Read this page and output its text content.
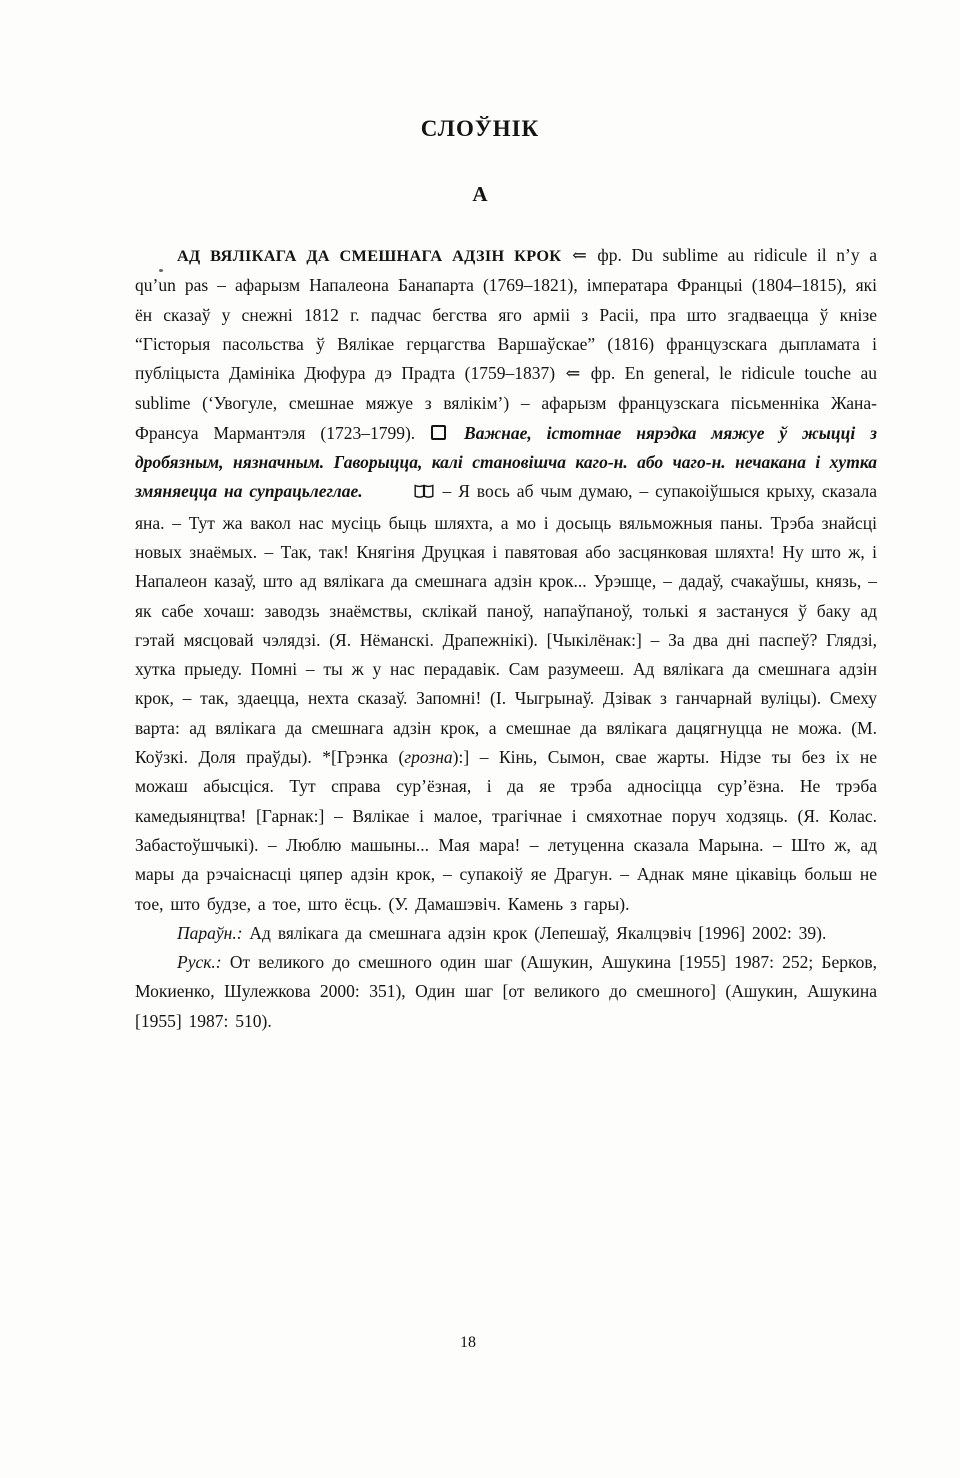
СЛОЎНІК
А

АД ВЯЛІКАГА ДА СМЕШНАГА АДЗІН КРОК ⇐ фр. Du sublime au ridicule il n’y a qu’un pas – афарызм Напалеона Банапарта (1769–1821), імператара Францыі (1804–1815), які ён сказаў у снежні 1812 г. падчас бегства яго арміі з Расіі, пра што згадваецца ў кнізе “Гісторыя пасольства ў Вялікае герцагства Варшаўскае” (1816) французскага дыпламата і публіцыста Дамініка Дюфура дэ Прадта (1759–1837) ⇐ фр. En general, le ridicule touche au sublime (‘Увогуле, смешнае мяжуе з вялікім’) – афарызм французскага пісьменніка Жана-Франсуа Мармантэля (1723–1799).	Важнае, істотнае нярэдка мяжуе ў жыцці з дробязным, нязначным. Гаворыцца, калі становішча каго-н. або чаго-н. нечакана і хутка змяняецца на супрацьлеглае.	– Я вось аб чым думаю, – супакоіўшыся крыху, сказала яна. – Тут жа вакол нас мусіць быць шляхта, а мо і досыць вяльможныя паны. Трэба знайсці новых знаёмых. – Так, так! Княгіня Друцкая і павятовая або засцянковая шляхта! Ну што ж, і Напалеон казаў, што ад вялікага да смешнага адзін крок... Урэшце, – дадаў, счакаўшы, князь, – як сабе хочаш: заводзь знаёмствы, склікай паноў, напаўпаноў, толькі я застануся ў баку ад гэтай мясцовай чэлядзі. (Я. Нёманскі. Драпежнікі). [Чыкілёнак:] – За два дні паспеў? Глядзі, хутка прыеду. Помні – ты ж у нас перадавік. Сам разумееш. Ад вялікага да смешнага адзін крок, – так, здаецца, нехта сказаў. Запомні! (І. Чыгрынаў. Дзівак з ганчарнай вуліцы). Смеху варта: ад вялікага да смешнага адзін крок, а смешнае да вялікага дацягнуцца не можа. (М. Коўзкі. Доля праўды). *[Грэнка (грозна):] – Кінь, Сымон, свае жарты. Нідзе ты без іх не можаш абысціся. Тут справа сур’ёзная, і да яе трэба адносіцца сур’ёзна. Не трэба камедыянцтва! [Гарнак:] – Вялікае і малое, трагічнае і смяхотнае поруч ходзяць. (Я. Колас. Забастоўшчыкі). – Люблю машыны... Мая мара! – летуценна сказала Марына. – Што ж, ад мары да рэчаіснасці цяпер адзін крок, – супакоіў яе Драгун. – Аднак мяне цікавіць больш не тое, што будзе, а тое, што ёсць. (У. Дамашэвіч. Камень з гары).

Параўн.: Ад вялікага да смешнага адзін крок (Лепешаў, Якалцэвіч [1996] 2002: 39).

Руск.: От великого до смешного один шаг (Ашукин, Ашукина [1955] 1987: 252; Берков, Мокиенко, Шулежкова 2000: 351), Один шаг [от великого до смешного] (Ашукин, Ашукина [1955] 1987: 510).

18
